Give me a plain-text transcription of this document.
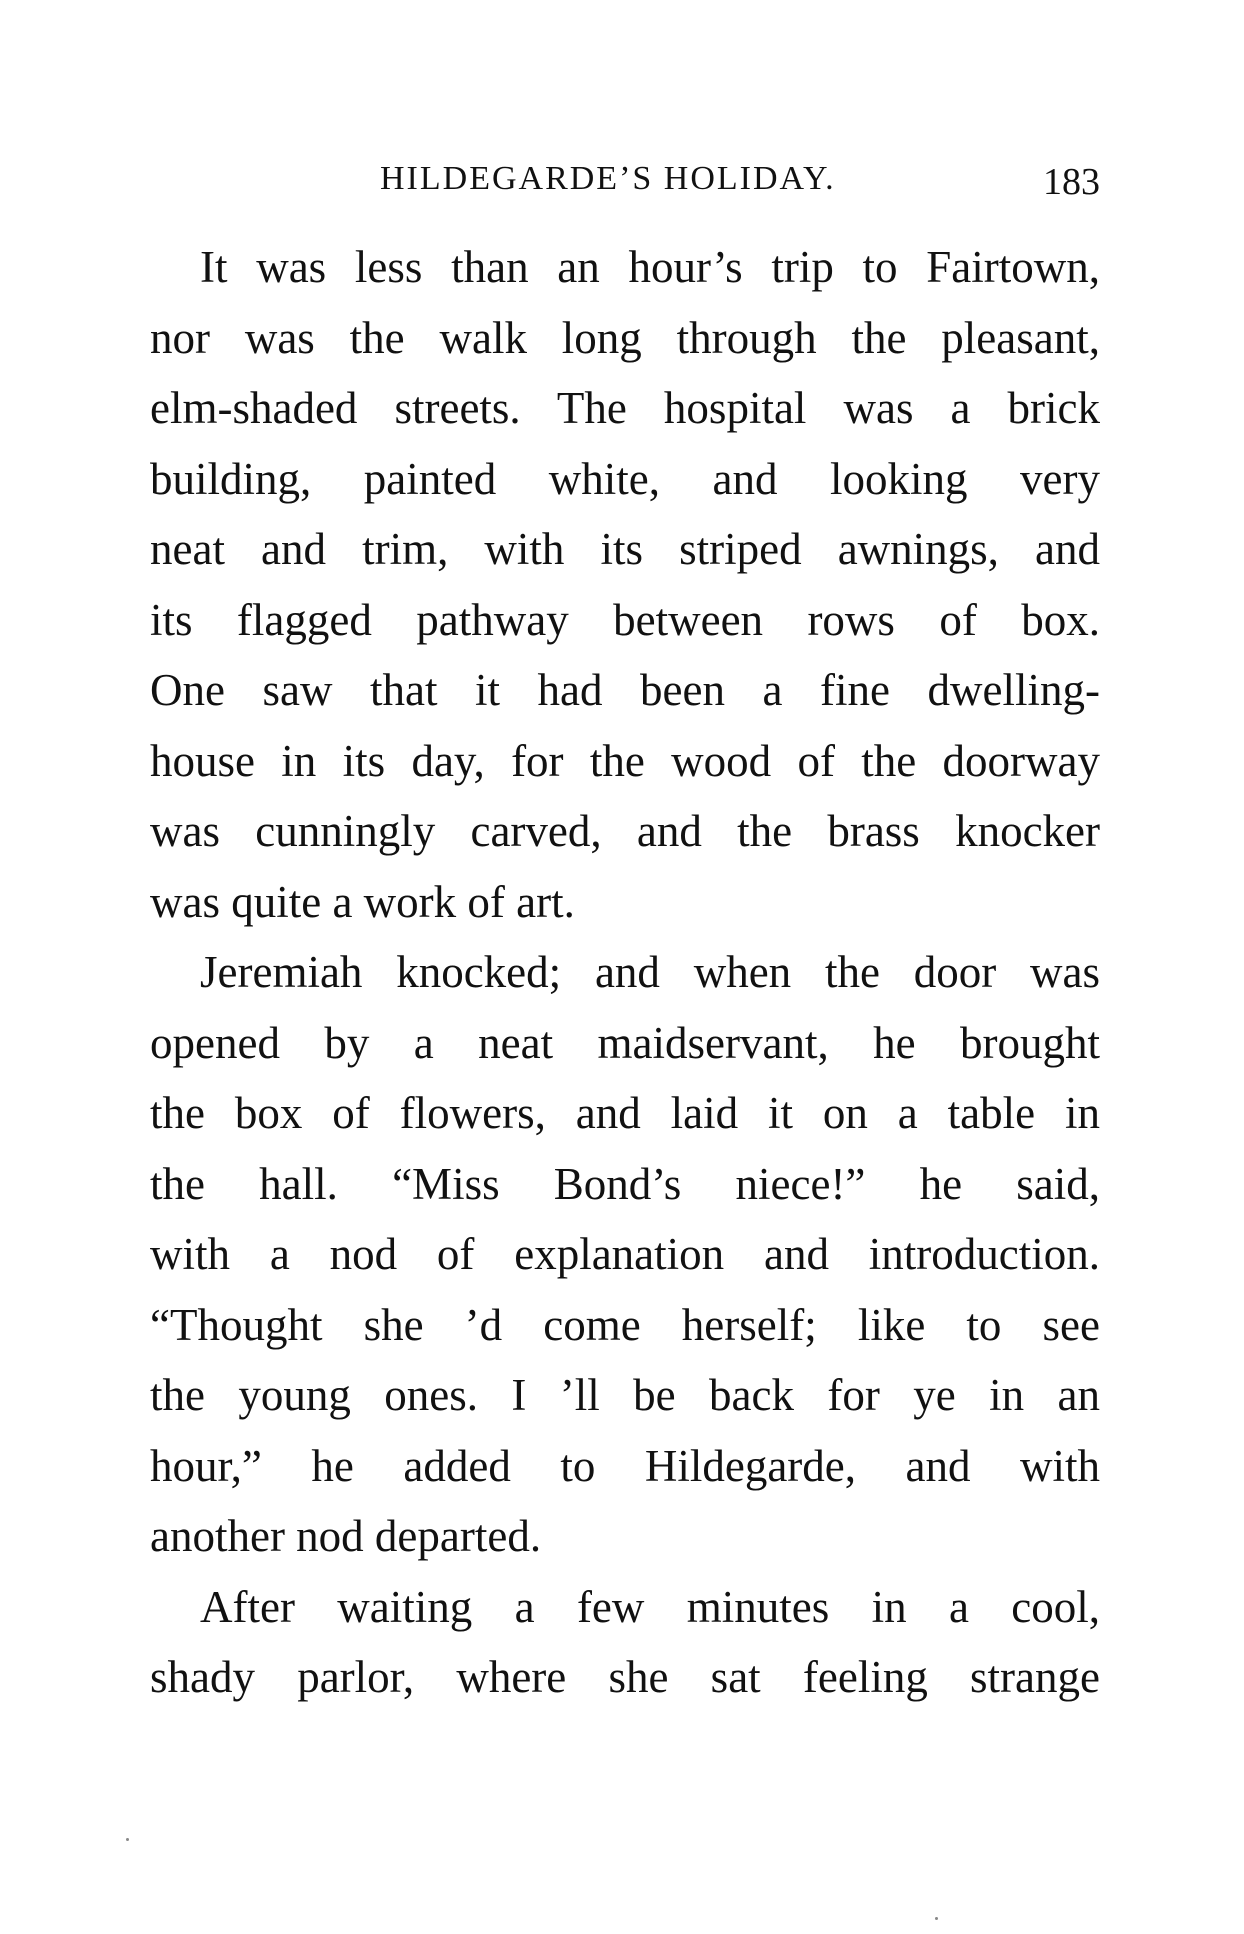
HILDEGARDE’S HOLIDAY.	183
It was less than an hour’s trip to Fairtown,
nor was the walk long through the pleasant,
elm-shaded streets. The hospital was a brick
building, painted white, and looking very
neat and trim, with its striped awnings, and
its flagged pathway between rows of box.
One saw that it had been a fine dwelling-
house in its day, for the wood of the doorway
was cunningly carved, and the brass knocker
was quite a work of art.
Jeremiah knocked; and when the door was
opened by a neat maidservant, he brought
the box of flowers, and laid it on a table in
the hall. “Miss Bond’s niece!” he said,
with a nod of explanation and introduction.
“Thought she ’d come herself; like to see
the young ones. I ’ll be back for ye in an
hour,” he added to Hildegarde, and with
another nod departed.
After waiting a few minutes in a cool,
shady parlor, where she sat feeling strange
